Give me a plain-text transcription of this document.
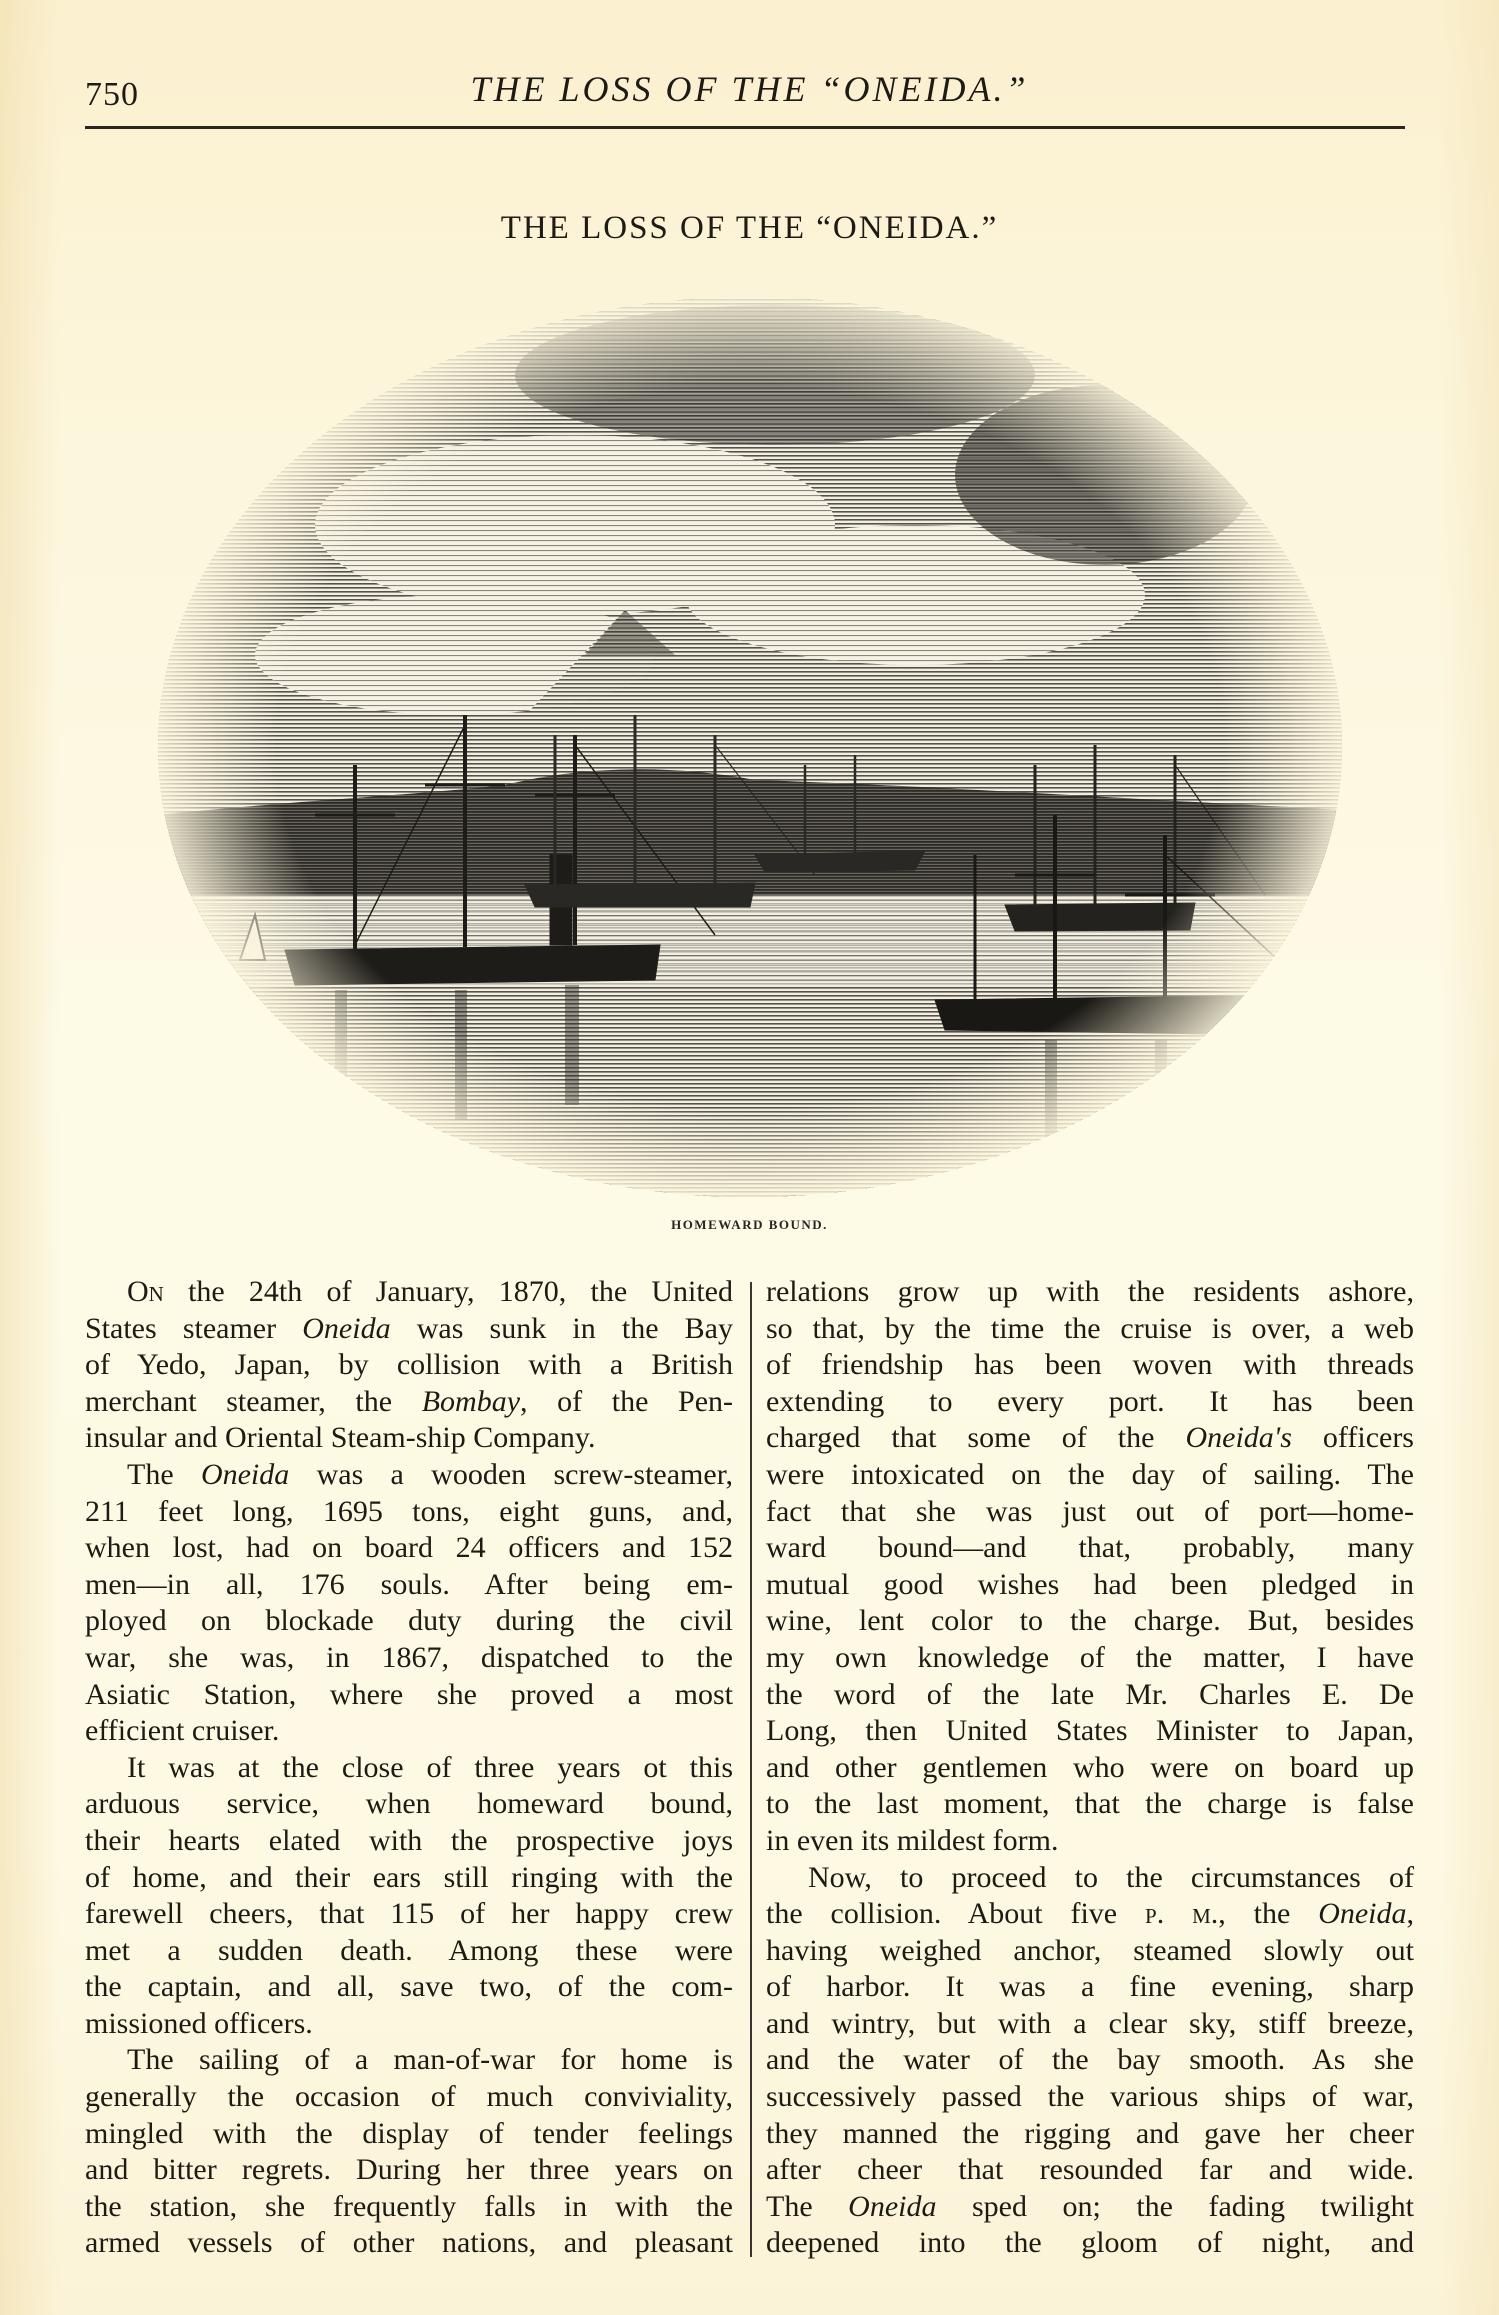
750	THE LOSS OF THE “ONEIDA.”
THE LOSS OF THE “ONEIDA.”
HOMEWARD BOUND.
On the 24th of January, 1870, the United
States steamer Oneida was sunk in the Bay
of Yedo, Japan, by collision with a British
merchant steamer, the Bombay, of the Pen-
insular and Oriental Steam-ship Company.
The Oneida was a wooden screw-steamer,
211 feet long, 1695 tons, eight guns, and,
when lost, had on board 24 officers and 152
men—in all, 176 souls. After being em-
ployed on blockade duty during the civil
war, she was, in 1867, dispatched to the
Asiatic Station, where she proved a most
efficient cruiser.
It was at the close of three years ot this
arduous service, when homeward bound,
their hearts elated with the prospective joys
of home, and their ears still ringing with the
farewell cheers, that 115 of her happy crew
met a sudden death. Among these were
the captain, and all, save two, of the com-
missioned officers.
The sailing of a man-of-war for home is
generally the occasion of much conviviality,
mingled with the display of tender feelings
and bitter regrets. During her three years on
the station, she frequently falls in with the
armed vessels of other nations, and pleasant
relations grow up with the residents ashore,
so that, by the time the cruise is over, a web
of friendship has been woven with threads
extending to every port. It has been
charged that some of the Oneida's officers
were intoxicated on the day of sailing. The
fact that she was just out of port—home-
ward bound—and that, probably, many
mutual good wishes had been pledged in
wine, lent color to the charge. But, besides
my own knowledge of the matter, I have
the word of the late Mr. Charles E. De
Long, then United States Minister to Japan,
and other gentlemen who were on board up
to the last moment, that the charge is false
in even its mildest form.
Now, to proceed to the circumstances of
the collision. About five p. m., the Oneida,
having weighed anchor, steamed slowly out
of harbor. It was a fine evening, sharp
and wintry, but with a clear sky, stiff breeze,
and the water of the bay smooth. As she
successively passed the various ships of war,
they manned the rigging and gave her cheer
after cheer that resounded far and wide.
The Oneida sped on; the fading twilight
deepened into the gloom of night, and
